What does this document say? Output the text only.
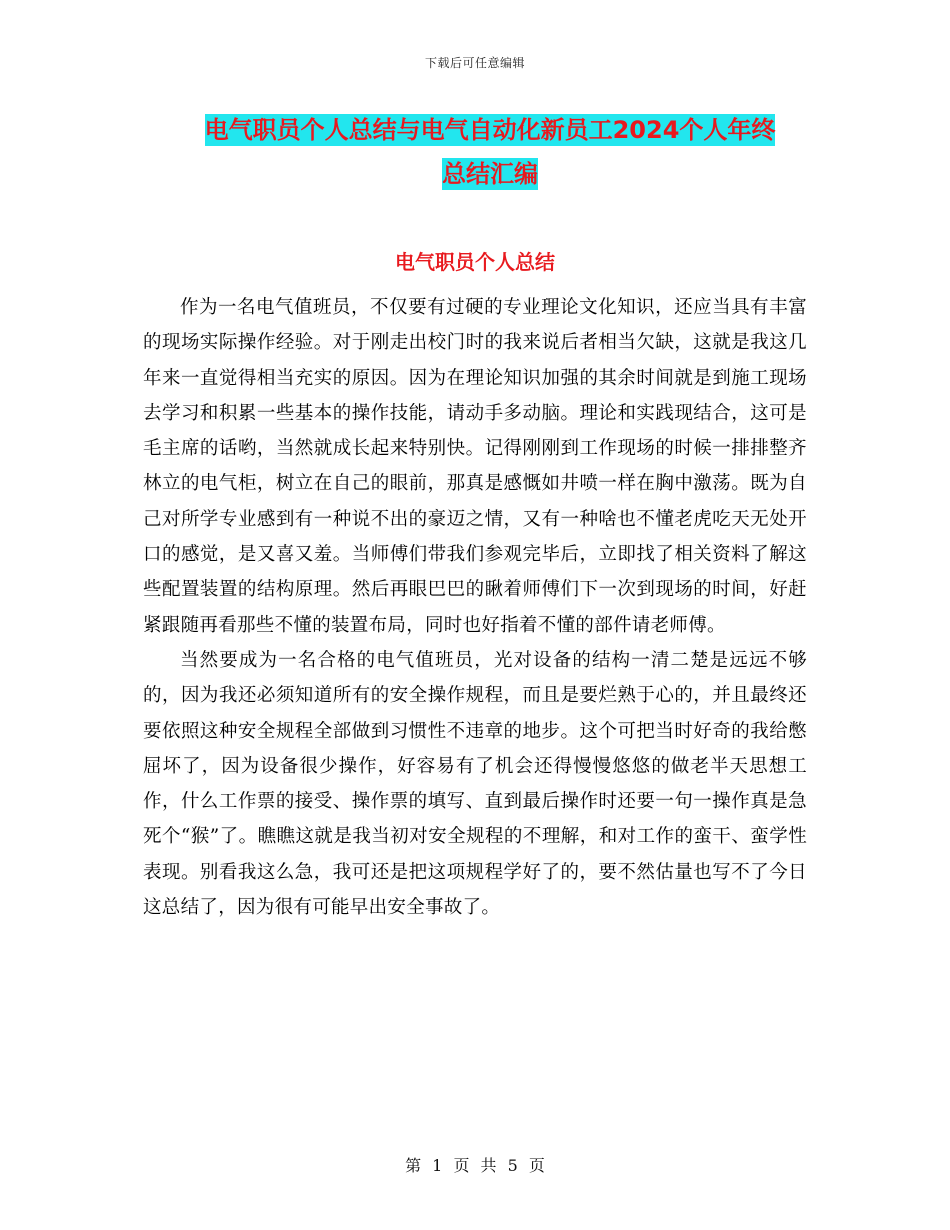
下载后可任意编辑
电气职员个人总结与电气自动化新员工2024个人年终
总结汇编
电气职员个人总结

作为一名电气值班员，不仅要有过硬的专业理论文化知识，还应当具有丰富的现场实际操作经验。对于刚走出校门时的我来说后者相当欠缺，这就是我这几年来一直觉得相当充实的原因。因为在理论知识加强的其余时间就是到施工现场去学习和积累一些基本的操作技能，请动手多动脑。理论和实践现结合，这可是毛主席的话哟，当然就成长起来特别快。记得刚刚到工作现场的时候一排排整齐林立的电气柜，树立在自己的眼前，那真是感慨如井喷一样在胸中激荡。既为自己对所学专业感到有一种说不出的豪迈之情，又有一种啥也不懂老虎吃天无处开口的感觉，是又喜又羞。当师傅们带我们参观完毕后，立即找了相关资料了解这些配置装置的结构原理。然后再眼巴巴的瞅着师傅们下一次到现场的时间，好赶紧跟随再看那些不懂的装置布局，同时也好指着不懂的部件请老师傅。

当然要成为一名合格的电气值班员，光对设备的结构一清二楚是远远不够的，因为我还必须知道所有的安全操作规程，而且是要烂熟于心的，并且最终还要依照这种安全规程全部做到习惯性不违章的地步。这个可把当时好奇的我给憋屈坏了，因为设备很少操作，好容易有了机会还得慢慢悠悠的做老半天思想工作，什么工作票的接受、操作票的填写、直到最后操作时还要一句一操作真是急死个“猴”了。瞧瞧这就是我当初对安全规程的不理解，和对工作的蛮干、蛮学性表现。别看我这么急，我可还是把这项规程学好了的，要不然估量也写不了今日这总结了，因为很有可能早出安全事故了。

第 1 页 共 5 页
